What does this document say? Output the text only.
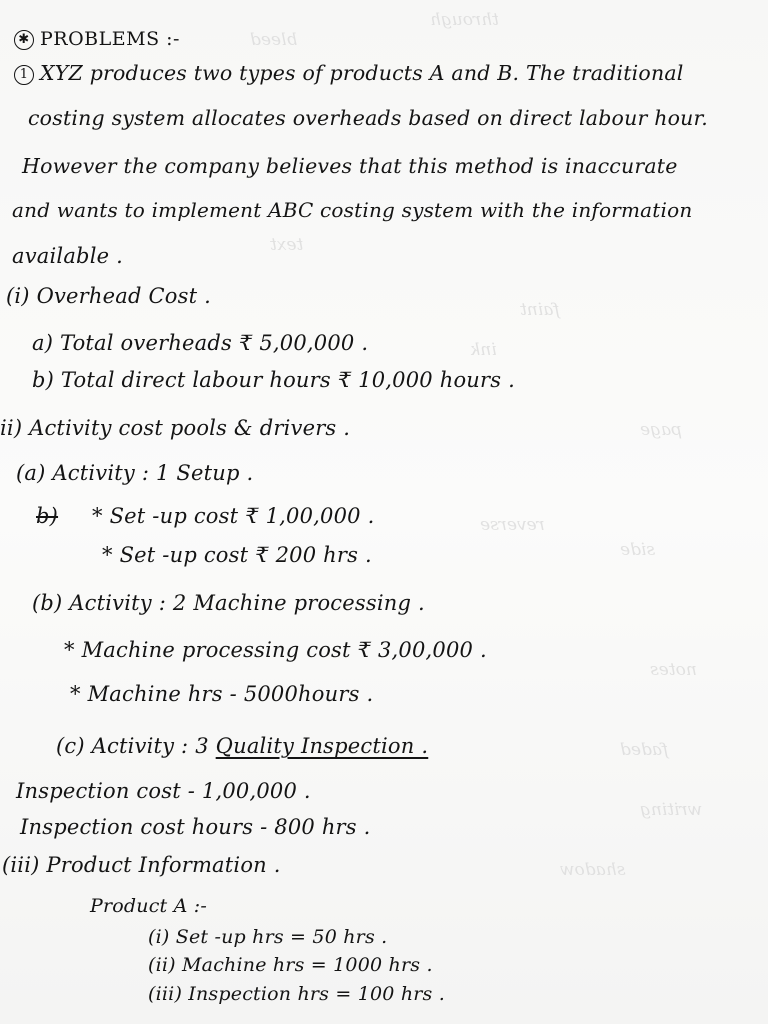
bleed
through
text
faint
ink
page
reverse
side
notes
faded
writing
shadow
✱ PROBLEMS :-
1 XYZ produces two types of products A and B. The traditional
costing system allocates overheads based on direct labour hour.
However the company believes that this method is inaccurate
and wants to implement ABC costing system with the information
available .
(i) Overhead Cost .
a) Total overheads ₹ 5,00,000 .
b) Total direct labour hours ₹ 10,000 hours .
ii) Activity cost pools & drivers .
(a) Activity : 1 Setup .
b) * Set -up cost ₹ 1,00,000 .
* Set -up cost ₹ 200 hrs .
(b) Activity : 2 Machine processing .
* Machine processing cost ₹ 3,00,000 .
* Machine hrs - 5000hours .
(c) Activity : 3 Quality Inspection .
Inspection cost - 1,00,000 .
Inspection cost hours - 800 hrs .
(iii) Product Information .
Product A :-
(i) Set -up hrs = 50 hrs .
(ii) Machine hrs = 1000 hrs .
(iii) Inspection hrs = 100 hrs .
